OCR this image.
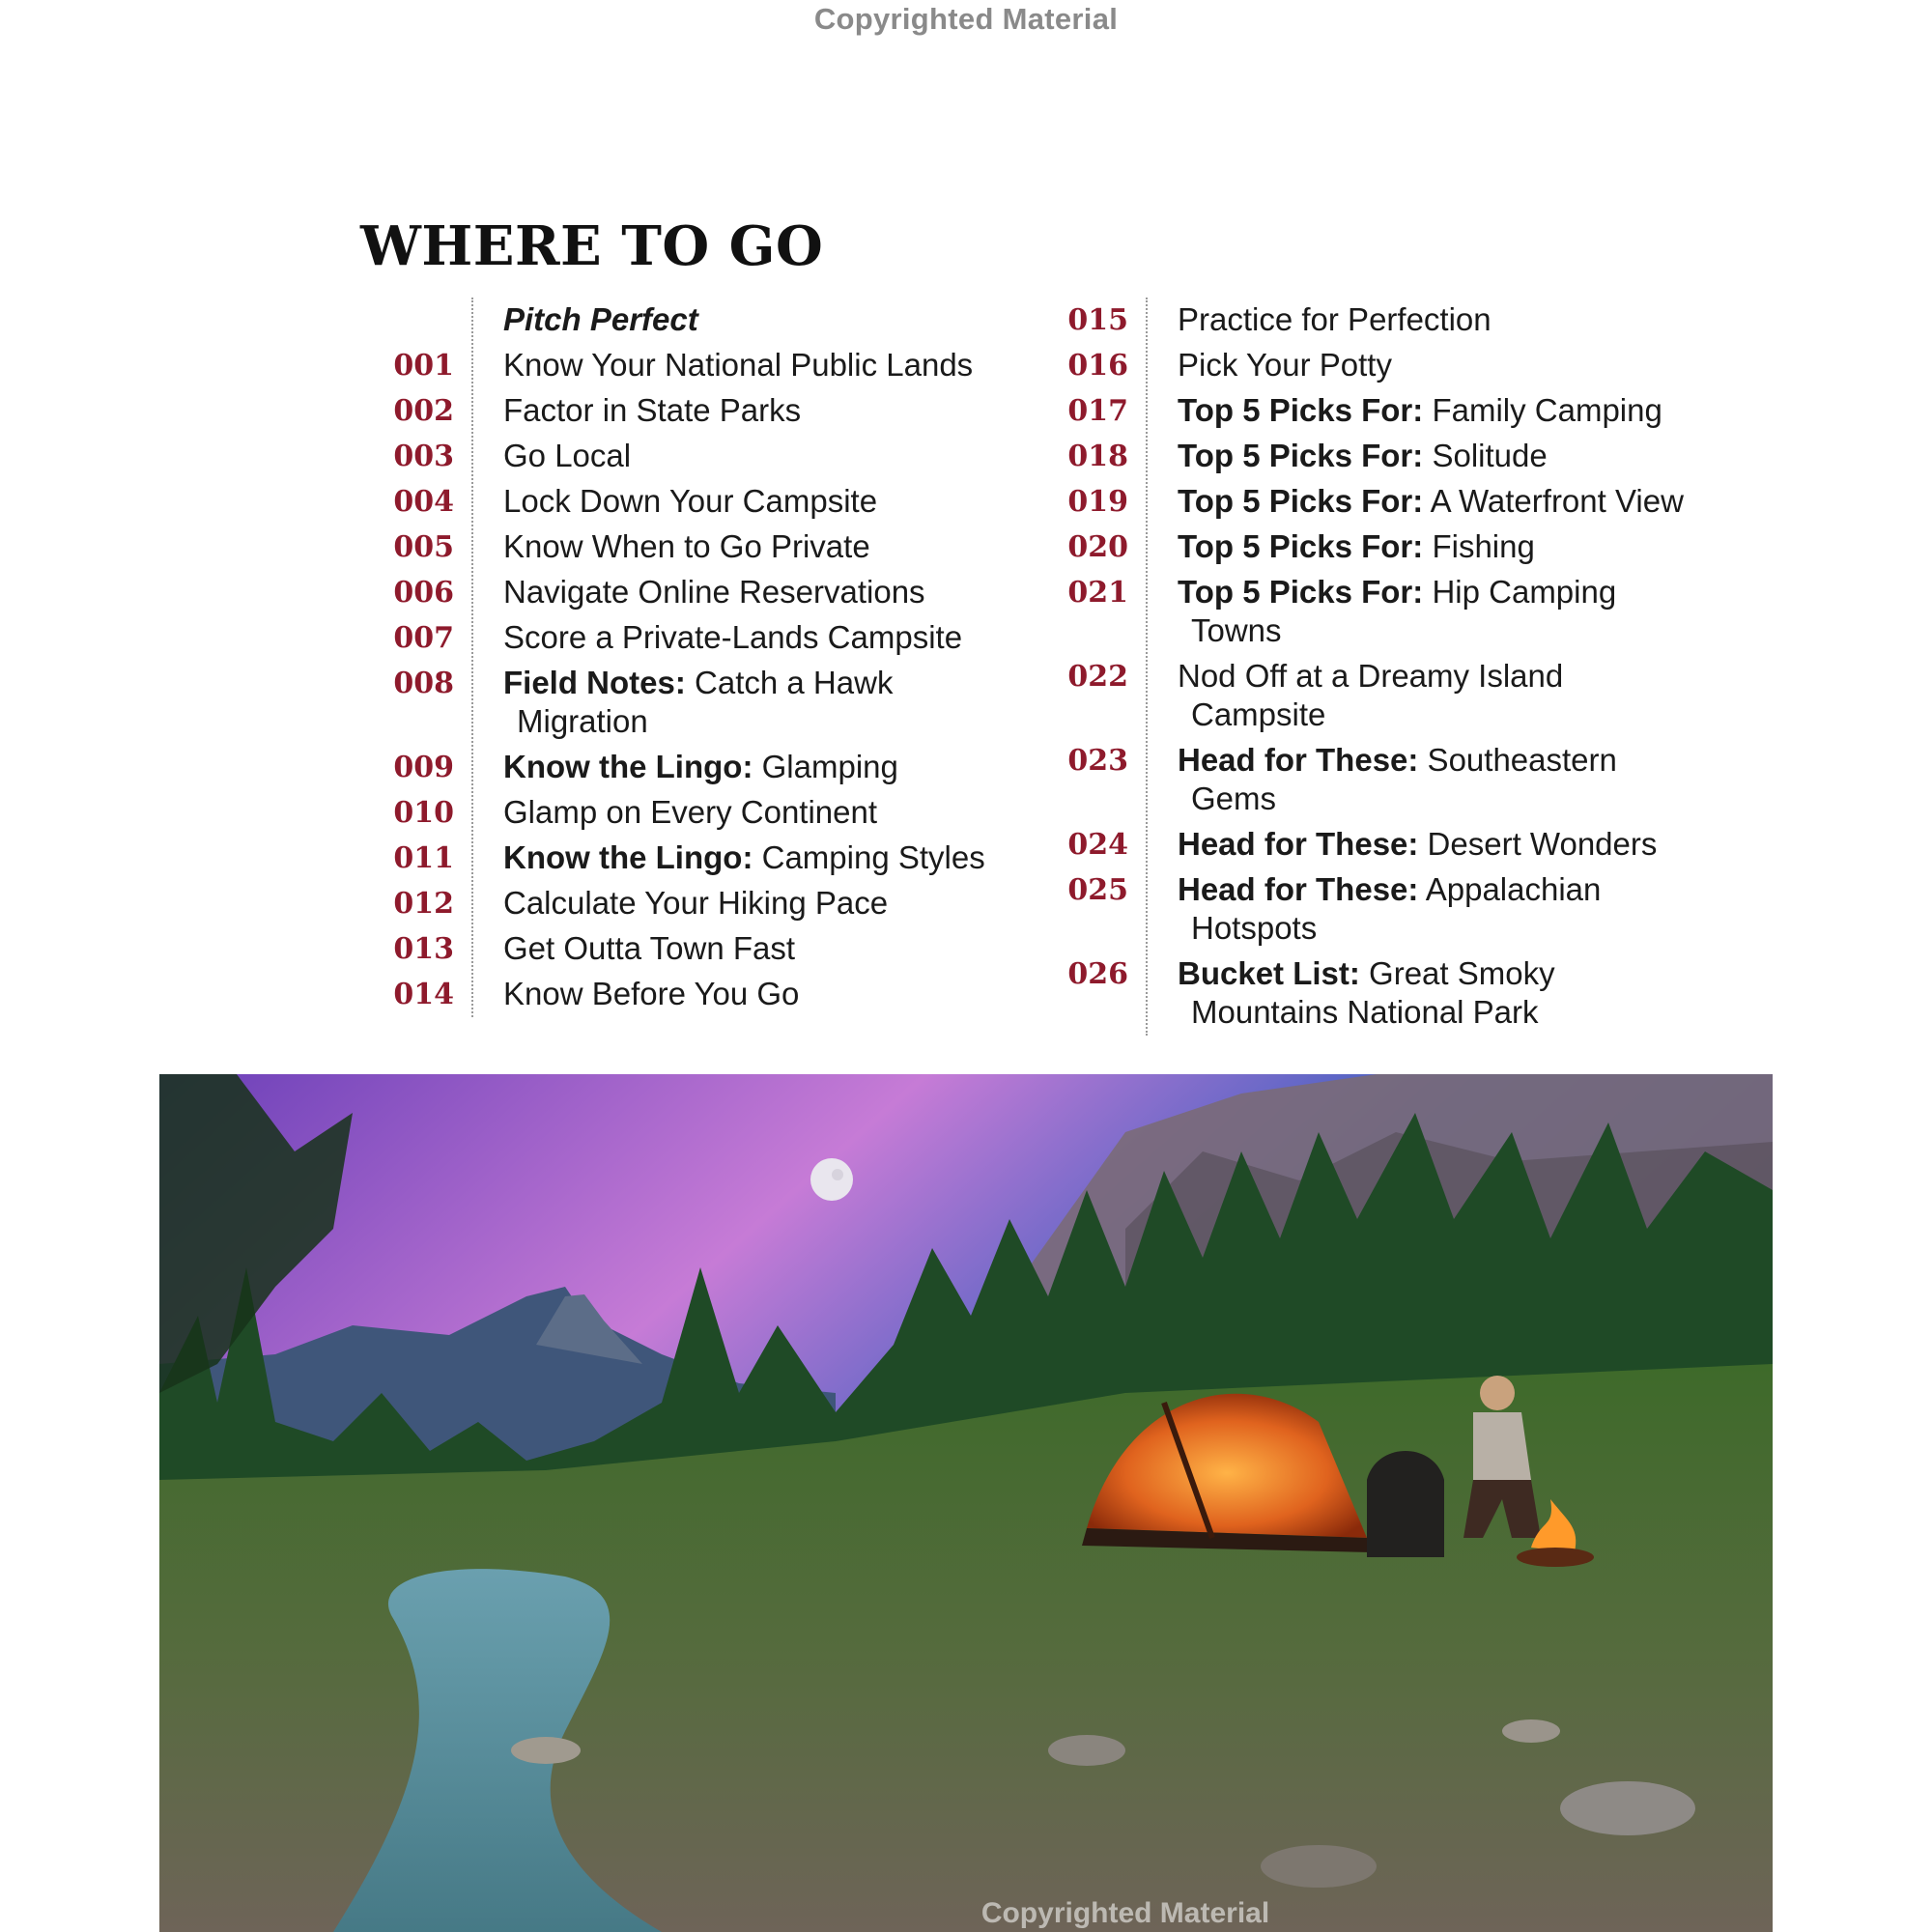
Copyrighted Material
WHERE TO GO
Pitch Perfect
001 Know Your National Public Lands
002 Factor in State Parks
003 Go Local
004 Lock Down Your Campsite
005 Know When to Go Private
006 Navigate Online Reservations
007 Score a Private-Lands Campsite
008 Field Notes: Catch a Hawk
Migration
009 Know the Lingo: Glamping
010 Glamp on Every Continent
011 Know the Lingo: Camping Styles
012 Calculate Your Hiking Pace
013 Get Outta Town Fast
014 Know Before You Go
015 Practice for Perfection
016 Pick Your Potty
017 Top 5 Picks For: Family Camping
018 Top 5 Picks For: Solitude
019 Top 5 Picks For: A Waterfront View
020 Top 5 Picks For: Fishing
021 Top 5 Picks For: Hip Camping
Towns
022 Nod Off at a Dreamy Island
Campsite
023 Head for These: Southeastern
Gems
024 Head for These: Desert Wonders
025 Head for These: Appalachian
Hotspots
026 Bucket List: Great Smoky
Mountains National Park
Copyrighted Material
